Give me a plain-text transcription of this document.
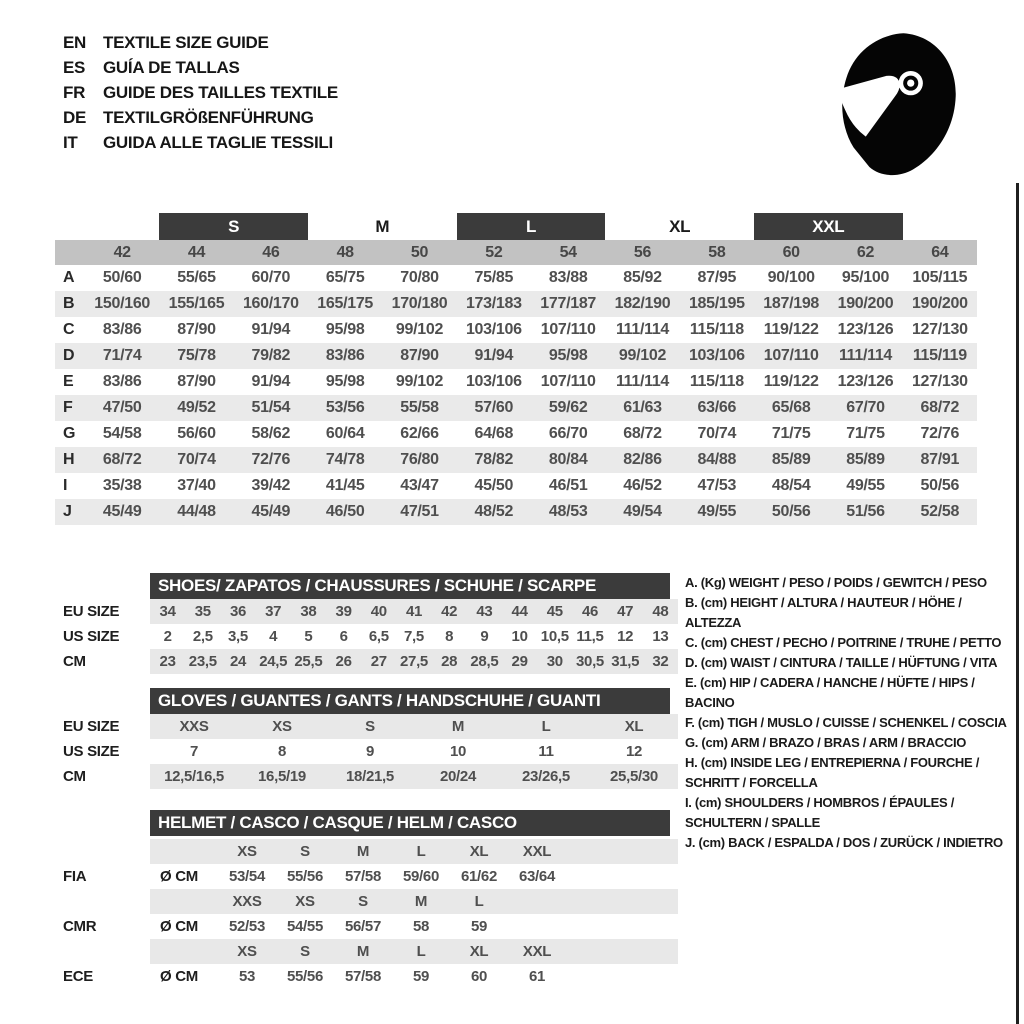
EN TEXTILE SIZE GUIDE
ES	GUÍA DE TALLAS
FR	GUIDE DES TAILLES TEXTILE
DE TEXTILGRÖßENFÜHRUNG
IT	GUIDA ALLE TAGLIE TESSILI
S	M	L	XL	XXL
42	44	46	48	50	52	54	56	58	60	62	64
A	50/60	55/65	60/70	65/75	70/80	75/85	83/88	85/92	87/95	90/100	95/100	105/115
B	150/160	155/165	160/170	165/175	170/180	173/183	177/187	182/190	185/195	187/198	190/200	190/200
C	83/86	87/90	91/94	95/98	99/102	103/106	107/110	111/114	115/118	119/122	123/126	127/130
D	71/74	75/78	79/82	83/86	87/90	91/94	95/98	99/102	103/106	107/110	111/114	115/119
E	83/86	87/90	91/94	95/98	99/102	103/106	107/110	111/114	115/118	119/122	123/126	127/130
F	47/50	49/52	51/54	53/56	55/58	57/60	59/62	61/63	63/66	65/68	67/70	68/72
G	54/58	56/60	58/62	60/64	62/66	64/68	66/70	68/72	70/74	71/75	71/75	72/76
H	68/72	70/74	72/76	74/78	76/80	78/82	80/84	82/86	84/88	85/89	85/89	87/91
I	35/38	37/40	39/42	41/45	43/47	45/50	46/51	46/52	47/53	48/54	49/55	50/56
J	45/49	44/48	45/49	46/50	47/51	48/52	48/53	49/54	49/55	50/56	51/56	52/58
SHOES/ ZAPATOS / CHAUSSURES / SCHUHE / SCARPE
EU SIZE	34	35	36	37	38	39	40	41	42	43	44	45	46	47	48
US SIZE	2	2,5	3,5	4	5	6	6,5	7,5	8	9	10 10,5 11,5 12	13
CM	23 23,5 24 24,5 25,5 26	27 27,5 28 28,5 29	30 30,5 31,5 32
GLOVES / GUANTES / GANTS / HANDSCHUHE / GUANTI
EU SIZE	XXS	XS	S	M	L	XL
US SIZE	7	8	9	10	11	12
CM	12,5/16,5	16,5/19	18/21,5	20/24	23/26,5	25,5/30
HELMET / CASCO / CASQUE / HELM / CASCO
XS	S	M	L	XL	XXL
FIA	Ø CM	53/54	55/56	57/58	59/60	61/62	63/64
XXS	XS	S	M	L
CMR	Ø CM	52/53	54/55	56/57	58	59
XS	S	M	L	XL	XXL
ECE	Ø CM	53	55/56	57/58	59	60	61
A. (Kg) WEIGHT / PESO / POIDS / GEWITCH / PESO
B. (cm) HEIGHT / ALTURA / HAUTEUR / HÖHE / ALTEZZA
C. (cm) CHEST / PECHO / POITRINE / TRUHE / PETTO
D. (cm) WAIST / CINTURA / TAILLE / HÜFTUNG / VITA
E. (cm) HIP / CADERA / HANCHE / HÜFTE / HIPS / BACINO
F. (cm) TIGH / MUSLO / CUISSE / SCHENKEL / COSCIA
G. (cm) ARM / BRAZO / BRAS / ARM / BRACCIO
H. (cm) INSIDE LEG / ENTREPIERNA / FOURCHE / SCHRITT / FORCELLA
I. (cm) SHOULDERS / HOMBROS / ÉPAULES / SCHULTERN / SPALLE
J. (cm) BACK / ESPALDA / DOS / ZURÜCK / INDIETRO
